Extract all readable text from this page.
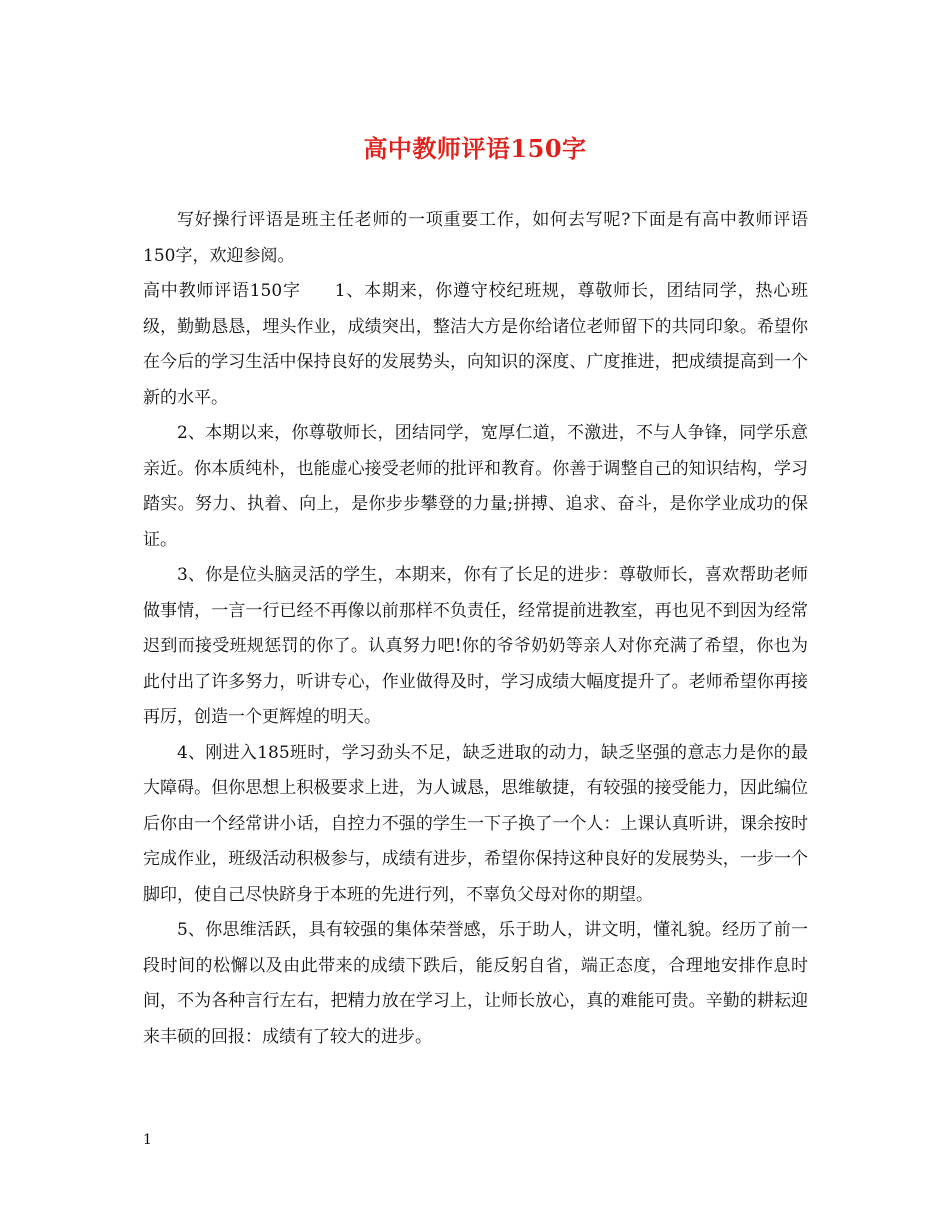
高中教师评语150字

写好操行评语是班主任老师的一项重要工作，如何去写呢?下面是有高中教师评语150字，欢迎参阅。

高中教师评语150字 1、本期来，你遵守校纪班规，尊敬师长，团结同学，热心班级，勤勤恳恳，埋头作业，成绩突出，整洁大方是你给诸位老师留下的共同印象。希望你在今后的学习生活中保持良好的发展势头，向知识的深度、广度推进，把成绩提高到一个新的水平。

2、本期以来，你尊敬师长，团结同学，宽厚仁道，不激进，不与人争锋，同学乐意亲近。你本质纯朴，也能虚心接受老师的批评和教育。你善于调整自己的知识结构，学习踏实。努力、执着、向上，是你步步攀登的力量;拼搏、追求、奋斗，是你学业成功的保证。

3、你是位头脑灵活的学生，本期来，你有了长足的进步：尊敬师长，喜欢帮助老师做事情，一言一行已经不再像以前那样不负责任，经常提前进教室，再也见不到因为经常迟到而接受班规惩罚的你了。认真努力吧!你的爷爷奶奶等亲人对你充满了希望，你也为此付出了许多努力，听讲专心，作业做得及时，学习成绩大幅度提升了。老师希望你再接再厉，创造一个更辉煌的明天。

4、刚进入185班时，学习劲头不足，缺乏进取的动力，缺乏坚强的意志力是你的最大障碍。但你思想上积极要求上进，为人诚恳，思维敏捷，有较强的接受能力，因此编位后你由一个经常讲小话，自控力不强的学生一下子换了一个人：上课认真听讲，课余按时完成作业，班级活动积极参与，成绩有进步，希望你保持这种良好的发展势头，一步一个脚印，使自己尽快跻身于本班的先进行列，不辜负父母对你的期望。

5、你思维活跃，具有较强的集体荣誉感，乐于助人，讲文明，懂礼貌。经历了前一段时间的松懈以及由此带来的成绩下跌后，能反躬自省，端正态度，合理地安排作息时间，不为各种言行左右，把精力放在学习上，让师长放心，真的难能可贵。辛勤的耕耘迎来丰硕的回报：成绩有了较大的进步。

1
